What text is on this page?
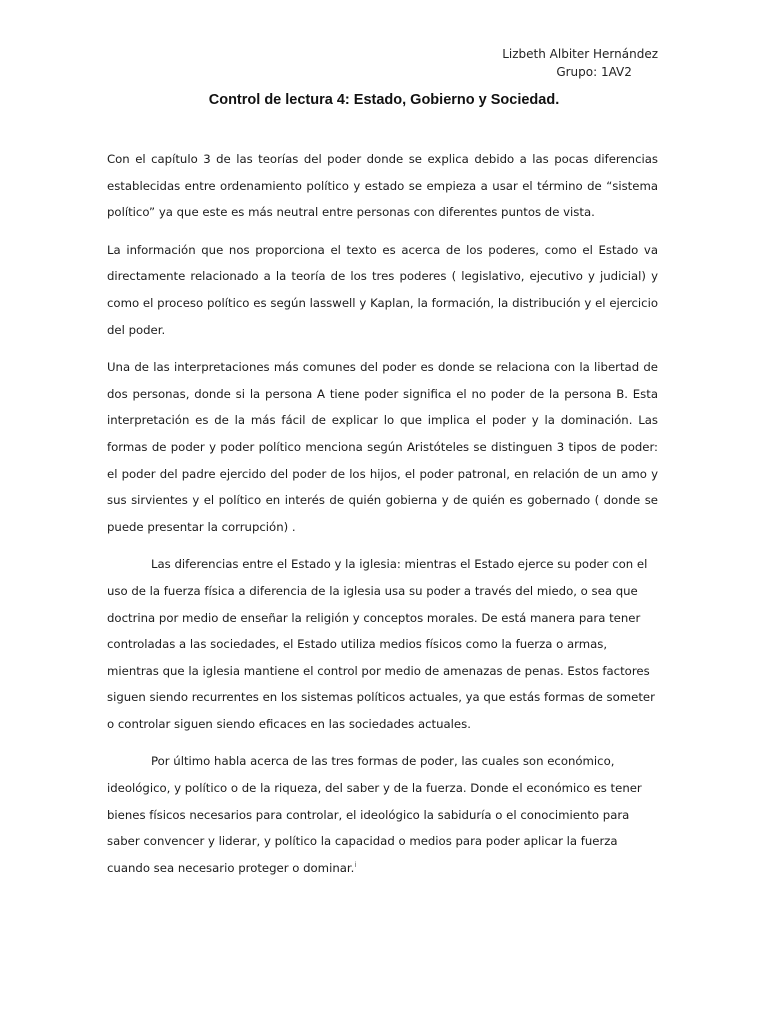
Lizbeth Albiter Hernández
Grupo: 1AV2
Control de lectura 4: Estado, Gobierno y Sociedad.

Con el capítulo 3 de las teorías del poder donde se explica debido a las pocas diferencias establecidas entre ordenamiento político y estado se empieza a usar el término de “sistema político” ya que este es más neutral entre personas con diferentes puntos de vista.

La información que nos proporciona el texto es acerca de los poderes, como el Estado va directamente relacionado a la teoría de los tres poderes ( legislativo, ejecutivo y judicial) y como el proceso político es según lasswell y Kaplan, la formación, la distribución y el ejercicio del poder.

Una de las interpretaciones más comunes del poder es donde se relaciona con la libertad de dos personas, donde si la persona A tiene poder significa el no poder de la persona B. Esta interpretación es de la más fácil de explicar lo que implica el poder y la dominación. Las formas de poder y poder político menciona según Aristóteles se distinguen 3 tipos de poder: el poder del padre ejercido del poder de los hijos, el poder patronal, en relación de un amo y sus sirvientes y el político en interés de quién gobierna y de quién es gobernado ( donde se puede presentar la corrupción) .

Las diferencias entre el Estado y la iglesia: mientras el Estado ejerce su poder con el uso de la fuerza física a diferencia de la iglesia usa su poder a través del miedo, o sea que doctrina por medio de enseñar la religión y conceptos morales. De está manera para tener controladas a las sociedades, el Estado utiliza medios físicos como la fuerza o armas, mientras que la iglesia mantiene el control por medio de amenazas de penas. Estos factores siguen siendo recurrentes en los sistemas políticos actuales, ya que estás formas de someter o controlar siguen siendo eficaces en las sociedades actuales.

Por último habla acerca de las tres formas de poder, las cuales son económico, ideológico, y político o de la riqueza, del saber y de la fuerza. Donde el económico es tener bienes físicos necesarios para controlar, el ideológico la sabiduría o el conocimiento para saber convencer y liderar, y político la capacidad o medios para poder aplicar la fuerza cuando sea necesario proteger o dominar.$^i$
